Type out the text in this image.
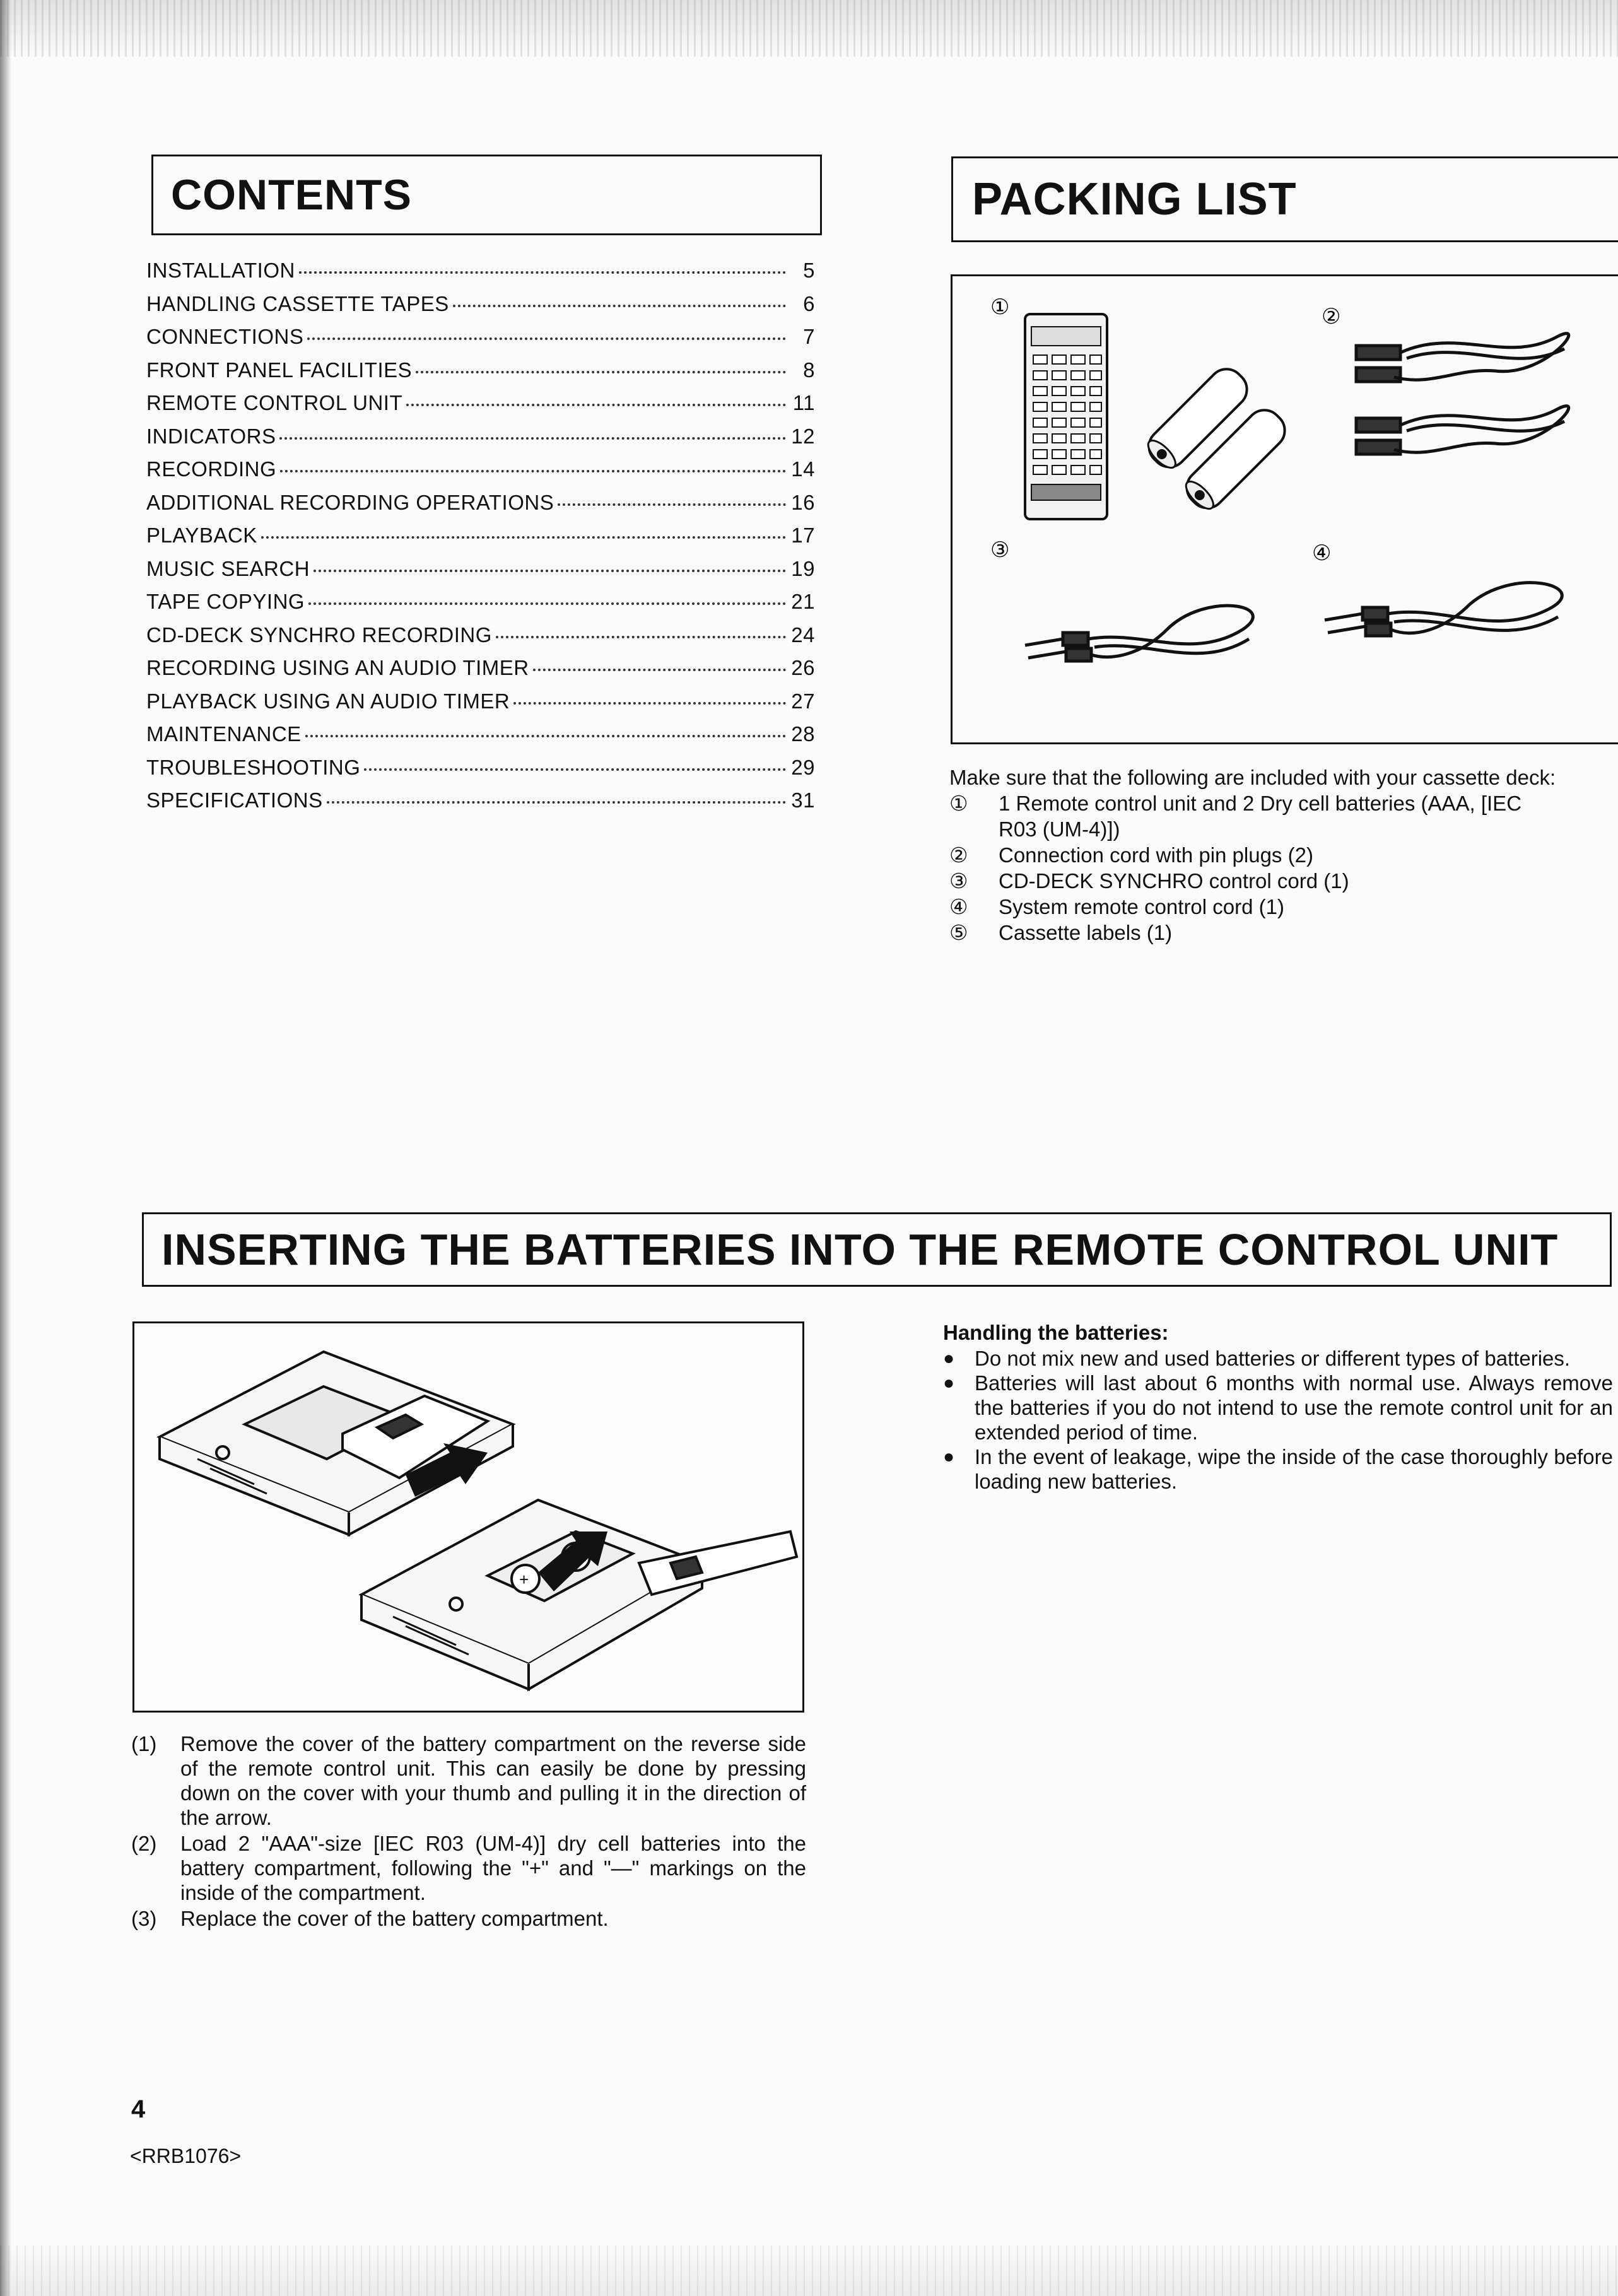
CONTENTS
INSTALLATION	5
HANDLING CASSETTE TAPES	6
CONNECTIONS	7
FRONT PANEL FACILITIES	8
REMOTE CONTROL UNIT	11
INDICATORS	12
RECORDING	14
ADDITIONAL RECORDING OPERATIONS	16
PLAYBACK	17
MUSIC SEARCH	19
TAPE COPYING	21
CD-DECK SYNCHRO RECORDING	24
RECORDING USING AN AUDIO TIMER	26
PLAYBACK USING AN AUDIO TIMER	27
MAINTENANCE	28
TROUBLESHOOTING	29
SPECIFICATIONS	31
PACKING LIST
①	②
③	④

Make sure that the following are included with your cassette deck:

①	1 Remote control unit and 2 Dry cell batteries (AAA, [IEC
R03 (UM-4)])
②	Connection cord with pin plugs (2)
③	CD-DECK SYNCHRO control cord (1)
④	System remote control cord (1)
⑤	Cassette labels (1)
INSERTING THE BATTERIES INTO THE REMOTE CONTROL UNIT
+
(1)	Remove the cover of the battery compartment on the reverse side of the remote control unit. This can easily be done by pressing down on the cover with your thumb and pulling it in the direction of the arrow.
(2)	Load 2 "AAA"-size [IEC R03 (UM-4)] dry cell batteries into the battery compartment, following the "+" and "—" markings on the inside of the compartment.
(3)	Replace the cover of the battery compartment.
Handling the batteries:
● Do not mix new and used batteries or different types of batteries.
● Batteries will last about 6 months with normal use. Always remove the batteries if you do not intend to use the remote control unit for an extended period of time.
● In the event of leakage, wipe the inside of the case thoroughly before loading new batteries.
4
<RRB1076>
